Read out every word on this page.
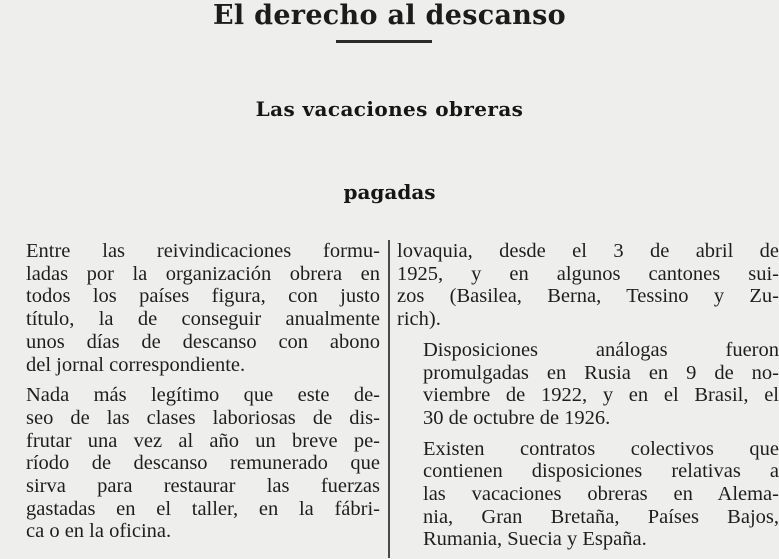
El derecho al descanso
Las vacaciones obreras
pagadas

Entre las reivindicaciones formu-
ladas por la organización obrera en
todos los países figura, con justo
título, la de conseguir anualmente
unos días de descanso con abono
del jornal correspondiente.

Nada más legítimo que este de-
seo de las clases laboriosas de dis-
frutar una vez al año un breve pe-
ríodo de descanso remunerado que
sirva para restaurar las fuerzas
gastadas en el taller, en la fábri-
ca o en la oficina.

lovaquia, desde el 3 de abril de
1925, y en algunos cantones sui-
zos (Basilea, Berna, Tessino y Zu-
rich).

Disposiciones análogas fueron
promulgadas en Rusia en 9 de no-
viembre de 1922, y en el Brasil, el
30 de octubre de 1926.

Existen contratos colectivos que
contienen disposiciones relativas a
las vacaciones obreras en Alema-
nia, Gran Bretaña, Países Bajos,
Rumania, Suecia y España.
